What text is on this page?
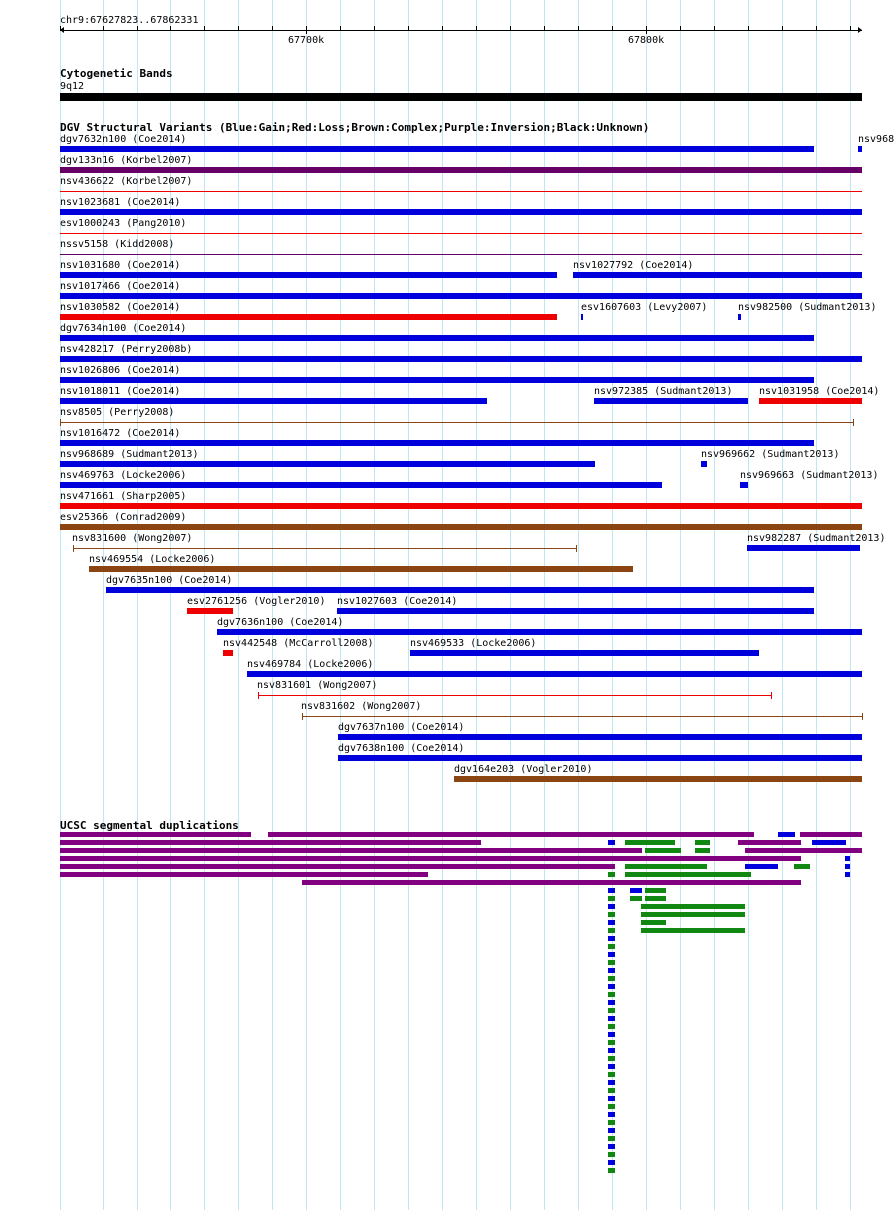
chr9:67627823..67862331
67700k	67800k
Cytogenetic Bands
9q12
DGV Structural Variants (Blue:Gain;Red:Loss;Brown:Complex;Purple:Inversion;Black:Unknown)
dgv7632n100 (Coe2014)	nsv968
dgv133n16 (Korbel2007)
nsv436622 (Korbel2007)
nsv1023681 (Coe2014)
esv1000243 (Pang2010)
nssv5158 (Kidd2008)
nsv1031680 (Coe2014)	nsv1027792 (Coe2014)
nsv1017466 (Coe2014)
nsv1030582 (Coe2014)	esv1607603 (Levy2007)	nsv982500 (Sudmant2013)
dgv7634n100 (Coe2014)
nsv428217 (Perry2008b)
nsv1026806 (Coe2014)
nsv1018011 (Coe2014)	nsv972385 (Sudmant2013)	nsv1031958 (Coe2014)
nsv8505 (Perry2008)
nsv1016472 (Coe2014)
nsv968689 (Sudmant2013)	nsv969662 (Sudmant2013)
nsv469763 (Locke2006)	nsv969663 (Sudmant2013)
nsv471661 (Sharp2005)
esv25366 (Conrad2009)
nsv831600 (Wong2007)	nsv982287 (Sudmant2013)
nsv469554 (Locke2006)
dgv7635n100 (Coe2014)
esv2761256 (Vogler2010) nsv1027603 (Coe2014)
dgv7636n100 (Coe2014)
nsv442548 (McCarroll2008)	nsv469533 (Locke2006)
nsv469784 (Locke2006)
nsv831601 (Wong2007)
nsv831602 (Wong2007)
dgv7637n100 (Coe2014)
dgv7638n100 (Coe2014)
dgv164e203 (Vogler2010)
UCSC segmental duplications
